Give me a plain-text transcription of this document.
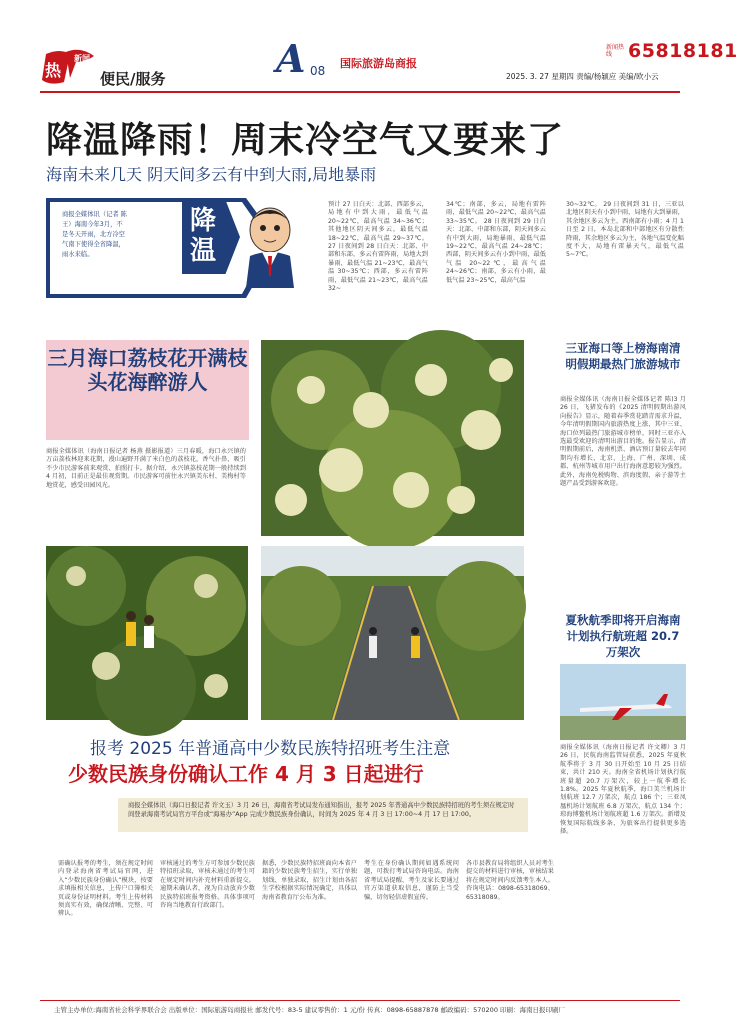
热
新闻
便民/服务	A 08
国际旅游岛商报
新闻热线 65818181
2025. 3. 27 星期四 责编/杨颖应 美编/欧小云
降温降雨！周末冷空气又要来了
海南未来几天 阴天间多云有中到大雨,局地暴雨
商报全媒体讯（记者 陈王）海南今年3月，不是冬天开雨，北方冷空气南下使得全省降温，雨水来临。
降温
预计 27 日白天：北部、西部多云，局地有中到大雨，最低气温 20~22℃，最高气温 34~36℃；其他地区阴天间多云，最低气温 18~22℃，最高气温 29~37℃。 27 日夜间到 28 日白天：北部、中部和东部，多云有雷阵雨，局地大到暴雨，最低气温 21~23℃，最高气温 30~35℃；西部，多云有雷阵雨，最低气温 21~23℃，最高气温 32~
34℃；南部，多云，局地有雷阵雨，最低气温 20~22℃，最高气温 33~35℃。 28 日夜间到 29 日白天：北部、中部和东部，阴天间多云有中到大雨，局地暴雨，最低气温 19~22℃，最高气温 24~28℃；西部，阴天间多云有小到中雨，最低气温 20~22℃，最高气温 24~26℃；南部，多云有小雨，最低气温 23~25℃，最高气温
30~32℃。 29 日夜间到 31 日，三亚以北地区阴天有小到中雨，局地有大到暴雨，其余地区多云为主，西南部有小雨；4 月 1 日至 2 日，本岛北部和中部地区有分散性降雨，其余地区多云为主，各地气温变化幅度不大，局地有雷暴天气，最低气温 5~7℃。
三月海口荔枝花开满枝头花海醉游人
商报全媒体讯（海南日报记者 杨燕 摄影报道）三月春暖，海口永兴镇的万亩荔枝林迎来花期，漫山遍野开满了米白色的荔枝花，香气扑鼻，吸引不少市民游客前来观赏、拍照打卡。据介绍，永兴镇荔枝花期一般持续到 4 月初，目前正是最佳观赏期。市民游客可前往永兴镇美东村、美梅村等地赏花，感受田园风光。
三亚海口等上榜海南清明假期最热门旅游城市
商报全媒体讯（海南日报全媒体记者 陈)3 月 26 日，飞猪发布的《2025 清明假期出游风向报告》显示，随着春季赏花踏青需求升温，今年清明假期国内旅游热度上涨，其中三亚、海口位列最热门旅游城市榜单，同时三亚亦入选最受欢迎的清明出游目的地。报告显示，清明假期前后，海南机票、酒店预订量较去年同期均有增长，北京、上海、广州、深圳、成都、杭州等城市用户出行海南意愿较为强烈。此外，海南免税购物、滨海度假、亲子游等主题产品受到游客欢迎。
夏秋航季即将开启海南计划执行航班超 20.7 万架次
商报全媒体讯（海南日报记者 许文卿）3 月 26 日，民航海南监管局获悉，2025 年夏秋航季将于 3 月 30 日开始至 10 月 25 日结束，共计 210 天。海南全省机场计划执行航班量超 20.7 万架次，较上一航季增长 1.8%。2025 年夏秋航季，海口美兰机场计划航班 12.7 万架次，航点 186 个；三亚凤凰机场计划航班 6.8 万架次，航点 134 个；琼海博鳌机场计划航班超 1.6 万架次。新增及恢复国际航线多条，为旅客出行提供更多选择。
报考 2025 年普通高中少数民族特招班考生注意
少数民族身份确认工作 4 月 3 日起进行
商报全媒体讯（海口日报记者 许文玉）3 月 26 日，海南省考试局发布通知指出，报考 2025 年普通高中少数民族特招班的考生须在规定时间登录海南考试局官方平台或“海易办”App 完成少数民族身份确认，时间为 2025 年 4 月 3 日 17:00~4 月 17 日 17:00。
需确认报考的考生，须在规定时间内登录海南省考试局官网，进入“少数民族身份确认”模块，按要求填报相关信息，上传户口簿相关页或身份证明材料。考生上传材料须真实有效，确保清晰、完整、可辨认。
审核通过的考生方可参加少数民族特招班录取，审核未通过的考生可在规定时间内补充材料重新提交。逾期未确认者，视为自动放弃少数民族特招班报考资格。具体事项可咨询当地教育行政部门。
据悉，少数民族特招班面向本省户籍的少数民族考生招生，实行单独划线、单独录取，招生计划由各招生学校根据实际情况确定，具体以海南省教育厅公布为准。
考生在身份确认期间如遇系统问题，可拨打考试局咨询电话。海南省考试局提醒，考生及家长要通过官方渠道获取信息，谨防上当受骗，切勿轻信虚假宣传。
各市县教育局将组织人员对考生提交的材料进行审核，审核结果将在规定时间内反馈考生本人。咨询电话：0898-65318069、65318089。
主管主办单位:海南省社会科学界联合会 出版单位：国际旅游岛商报社 邮发代号：83-5 建议零售价：1 元/份 传真：0898-65887878 邮政编码：570200 印刷：海南日报印刷厂
